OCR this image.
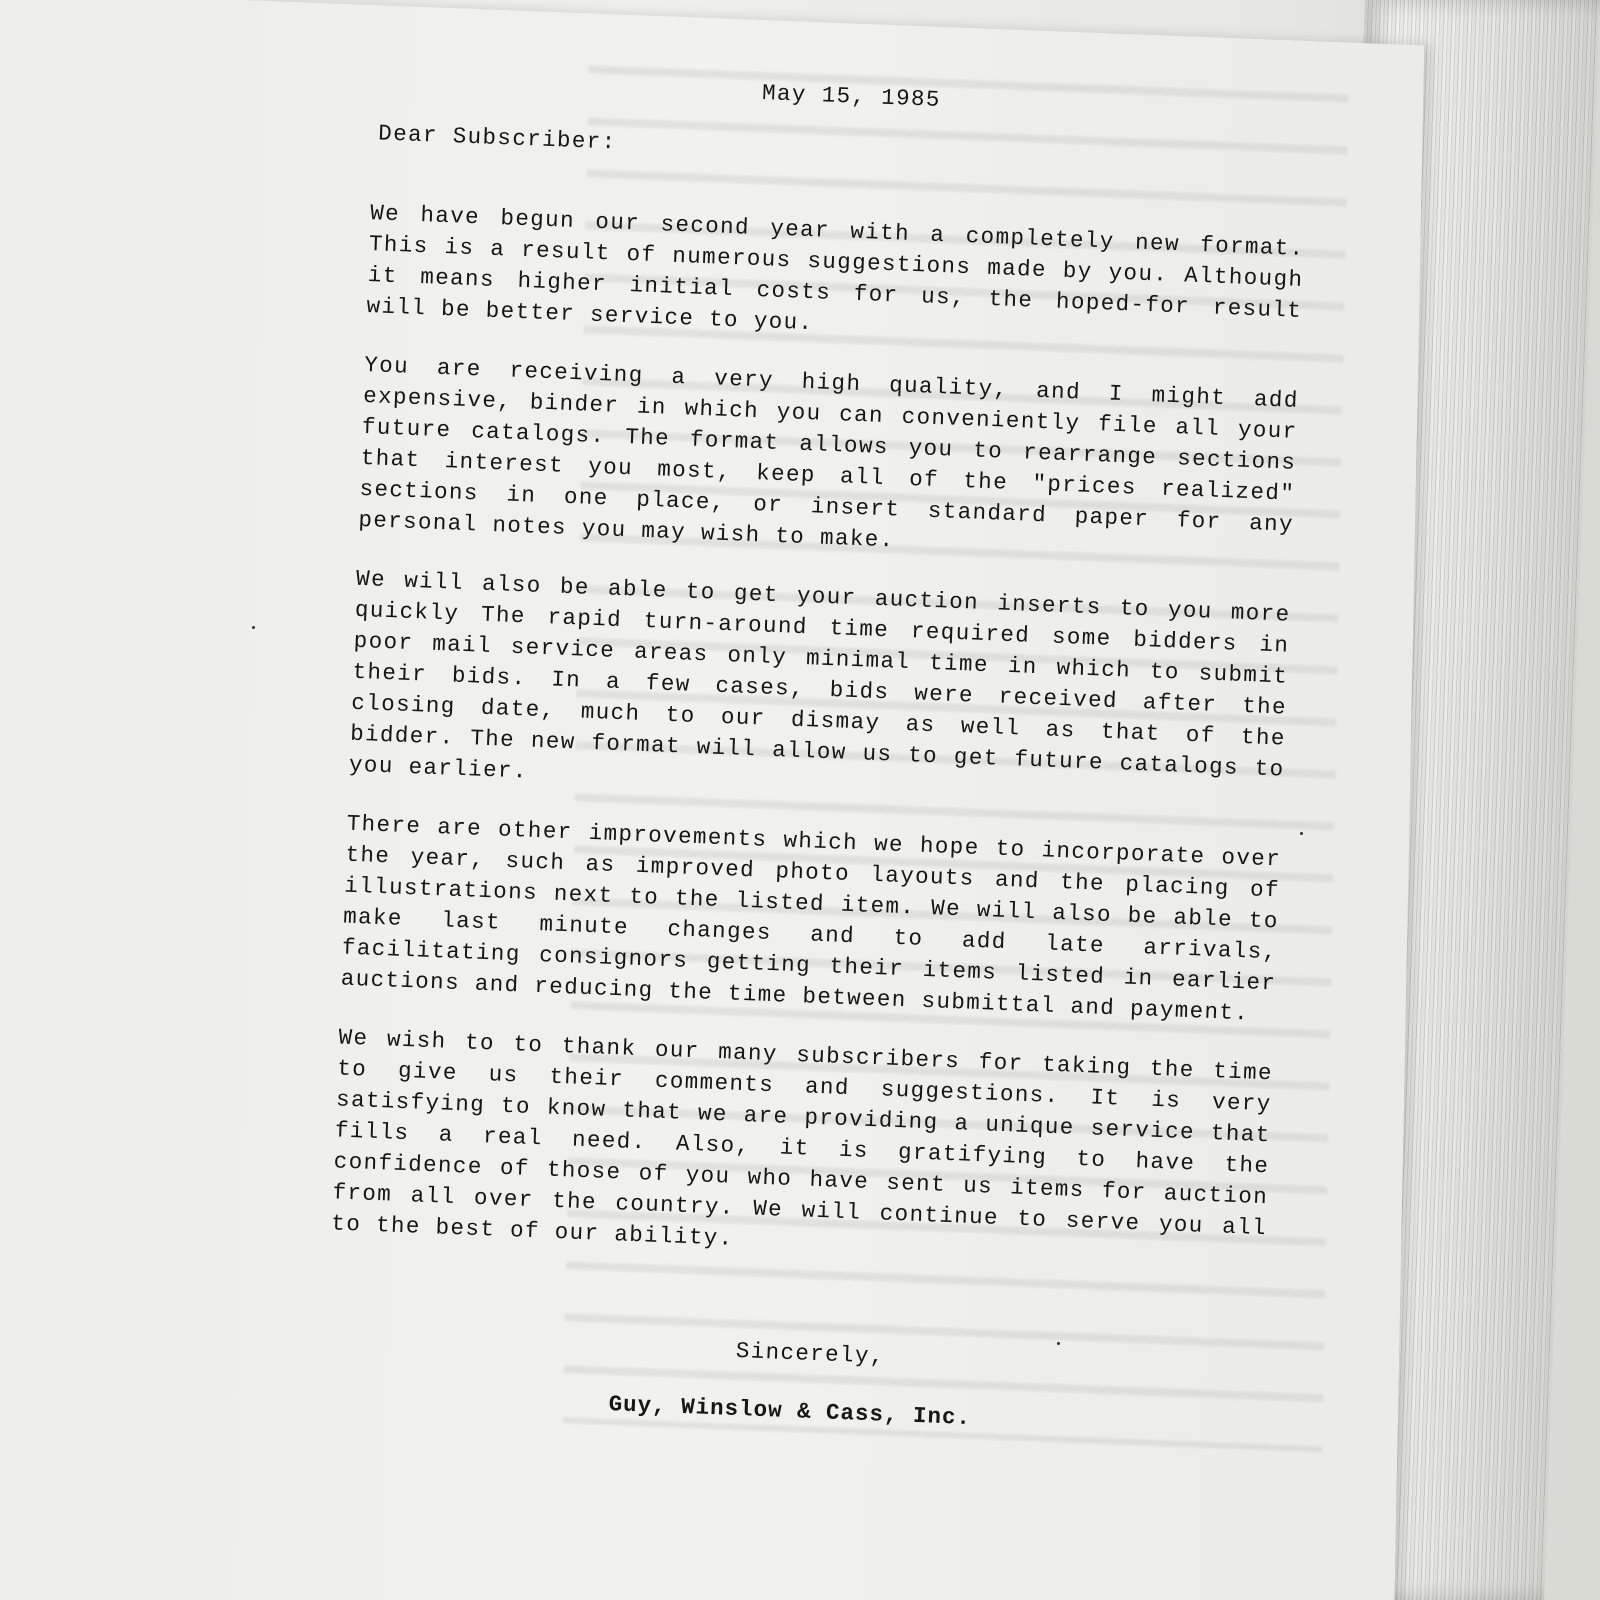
May 15, 1985
Dear Subscriber:

We have begun our second year with a completely new format. This is a result of numerous suggestions made by you. Although it means higher initial costs for us, the hoped-for result will be better service to you.

You are receiving a very high quality, and I might add expensive, binder in which you can conveniently file all your future catalogs. The format allows you to rearrange sections that interest you most, keep all of the "prices realized" sections in one place, or insert standard paper for any personal notes you may wish to make.

We will also be able to get your auction inserts to you more quickly The rapid turn-around time required some bidders in poor mail service areas only minimal time in which to submit their bids. In a few cases, bids were received after the closing date, much to our dismay as well as that of the bidder. The new format will allow us to get future catalogs to you earlier.

There are other improvements which we hope to incorporate over the year, such as improved photo layouts and the placing of illustrations next to the listed item. We will also be able to make last minute changes and to add late arrivals, facilitating consignors getting their items listed in earlier auctions and reducing the time between submittal and payment.

We wish to to thank our many subscribers for taking the time to give us their comments and suggestions. It is very satisfying to know that we are providing a unique service that fills a real need. Also, it is gratifying to have the confidence of those of you who have sent us items for auction from all over the country. We will continue to serve you all to the best of our ability.

Sincerely,
Guy, Winslow & Cass, Inc.
